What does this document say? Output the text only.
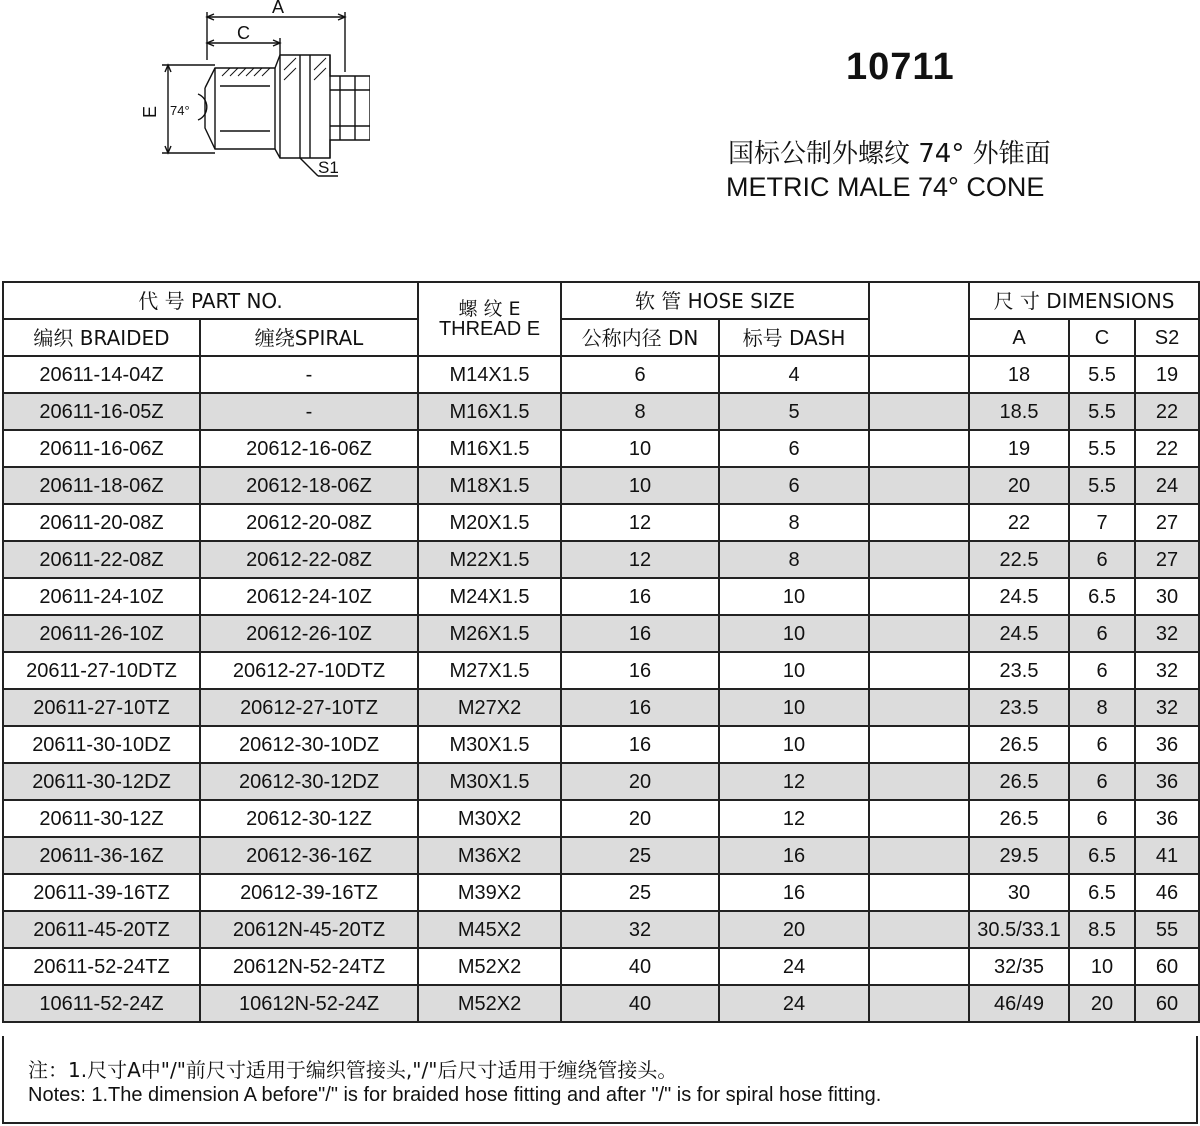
A
C
E 74°
S1
10711
国标公制外螺纹 74° 外锥面
METRIC MALE 74° CONE
代 号 PART NO.		螺 纹 E
THREAD E	软 管 HOSE SIZE			尺 寸 DIMENSIONS		
编织 BRAIDED	缠绕SPIRAL		公称内径 DN	标号 DASH		A	C	S2
20611-14-04Z	-	M14X1.5	6	4		18	5.5	19
20611-16-05Z	-	M16X1.5	8	5		18.5	5.5	22
20611-16-06Z	20612-16-06Z	M16X1.5	10	6		19	5.5	22
20611-18-06Z	20612-18-06Z	M18X1.5	10	6		20	5.5	24
20611-20-08Z	20612-20-08Z	M20X1.5	12	8		22	7	27
20611-22-08Z	20612-22-08Z	M22X1.5	12	8		22.5	6	27
20611-24-10Z	20612-24-10Z	M24X1.5	16	10		24.5	6.5	30
20611-26-10Z	20612-26-10Z	M26X1.5	16	10		24.5	6	32
20611-27-10DTZ	20612-27-10DTZ	M27X1.5	16	10		23.5	6	32
20611-27-10TZ	20612-27-10TZ	M27X2	16	10		23.5	8	32
20611-30-10DZ	20612-30-10DZ	M30X1.5	16	10		26.5	6	36
20611-30-12DZ	20612-30-12DZ	M30X1.5	20	12		26.5	6	36
20611-30-12Z	20612-30-12Z	M30X2	20	12		26.5	6	36
20611-36-16Z	20612-36-16Z	M36X2	25	16		29.5	6.5	41
20611-39-16TZ	20612-39-16TZ	M39X2	25	16		30	6.5	46
20611-45-20TZ	20612N-45-20TZ	M45X2	32	20		30.5/33.1	8.5	55
20611-52-24TZ	20612N-52-24TZ	M52X2	40	24		32/35	10	60
10611-52-24Z	10612N-52-24Z	M52X2	40	24		46/49	20	60
注：1.尺寸A中"/"前尺寸适用于编织管接头,"/"后尺寸适用于缠绕管接头。
Notes: 1.The dimension A before"/" is for braided hose fitting and after "/" is for spiral hose fitting.
